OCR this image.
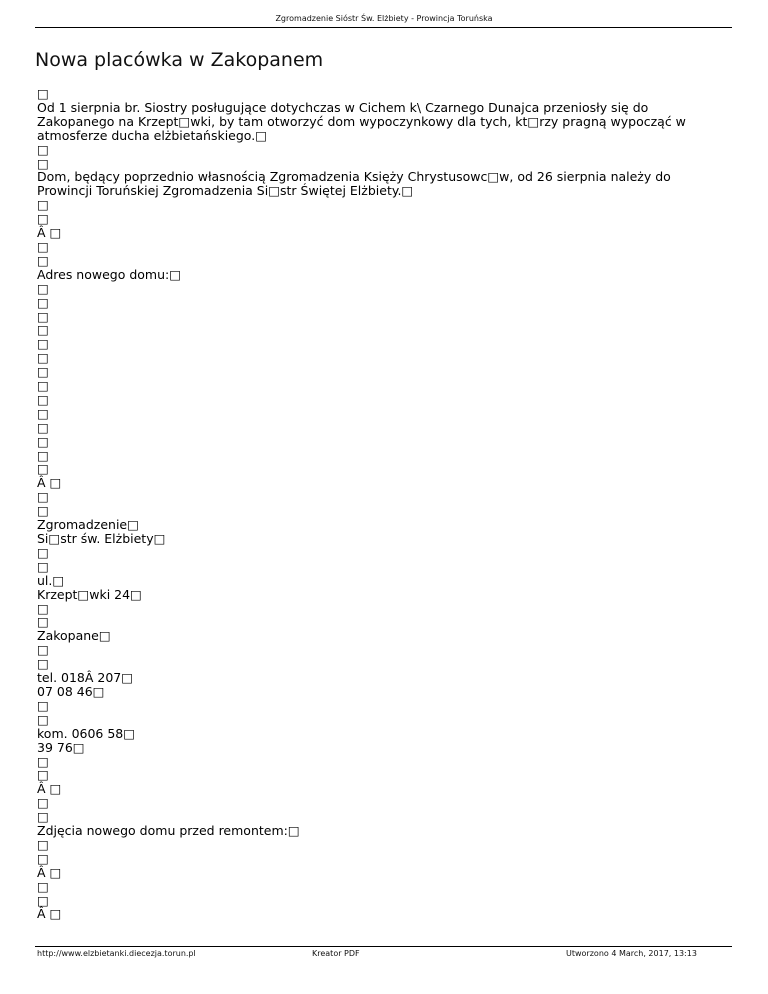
Zgromadzenie Sióstr Św. Elżbiety - Prowincja Toruńska
Nowa placówka w Zakopanem
□
Od 1 sierpnia br. Siostry posługujące dotychczas w Cichem k\ Czarnego Dunajca przeniosły się do Zakopanego na Krzept□wki, by tam otworzyć dom wypoczynkowy dla tych, kt□rzy pragną wypocząć w atmosferze ducha elżbietańskiego.□
□
□
Dom, będący poprzednio własnością Zgromadzenia Księży Chrystusowc□w, od 26 sierpnia należy do Prowincji Toruńskiej Zgromadzenia Si□str Świętej Elżbiety.□
□
□
Â □
□
□
Adres nowego domu:□
□
□
□
□
□
□
□
□
□
□
□
□
□
□
Â □
□
□
Zgromadzenie□
Si□str św. Elżbiety□
□
□
ul.□
Krzept□wki 24□
□
□
Zakopane□
□
□
tel. 018Â 207□
07 08 46□
□
□
kom. 0606 58□
39 76□
□
□
Â □
□
□
Zdjęcia nowego domu przed remontem:□
□
□
Â □
□
□
Â □
http://www.elzbietanki.diecezja.torun.pl	Kreator PDF	Utworzono 4 March, 2017, 13:13
